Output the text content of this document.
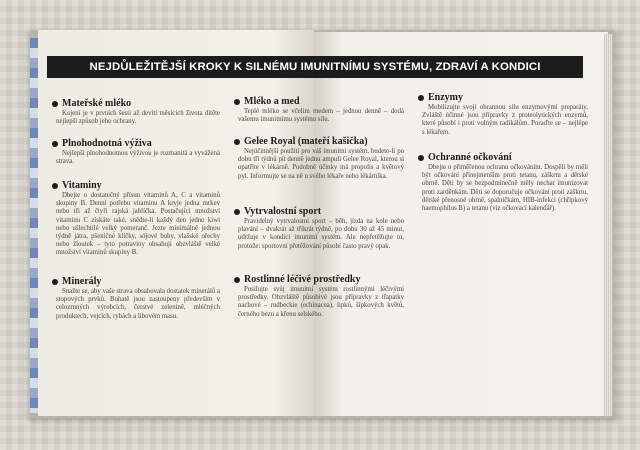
NEJDŮLEŽITĚJŠÍ KROKY K SILNÉMU IMUNITNÍMU SYSTÉMU, ZDRAVÍ A KONDICI
Mateřské mléko
Kojení je v prvních šesti až devíti měsících života dítěte nejlepší způsob jeho ochrany.
Plnohodnotná výživa
Nejlepší plnohodnotnou výživou je rozmanitá a vyvážená strava.
Vitaminy
Dbejte o dostatečný přísun vitaminů A, C a vitaminů skupiny B. Denní potřebu vitaminu A kryje jedna mrkev nebo tři až čtyři rajská jablíčka. Postačující množství vitaminu C získáte také, snědte-li každý den jedno kiwi nebo ušlechtilé velký pomeranč. Jezte minimálně jednou týdně játra, pšeničné klíčky, sójové boby, vlašské ořechy nebo žloutek – tyto potraviny obsahují obzvláště velké množství vitaminů skupiny B.
Minerály
Snažte se, aby vaše strava obsahovala dostatek minerálů a stopových prvků. Bohatě jsou zastoupeny především v celozrnných výrobcích, čerstvé zelenině, mléčných produktech, vejcích, rybách a libovém masu.
Mléko a med
Teplé mléko se včelím medem – jednou denně – dodá vašemu imunitnímu systému sílu.
Gelee Royal (mateří kašička)
Nejúčinnější použití pro váš imunitní systém, budete-li po dobu tří týdnů pít denně jednu ampuli Gelee Royal, kterou si opatříte v lékárně. Podobně účinky má propolis a květový pyl. Informujte se na ně u svého lékaře nebo lékárníka.
Vytrvalostní sport
Pravidelný vytrvalostní sport – běh, jízda na kole nebo plavání – dvakrát až třikrát týdně, po dobu 30 až 45 minut, udržuje v kondici imunitní systém. Ale nepřetěžujte to, protože: sportovní přetěžování působí často pravý opak.
Rostlinné léčivé prostředky
Posilujte svůj imunitní systém rostlinnými léčivými prostředky. Obzvláště působivé jsou přípravky z třapatky nachové – rudbeckie (echinacea), lipků, šípkových květů, černého bezu a křenu selského.
Enzymy
Mobilizujte svoji obrannou sílu enzymovými preparáty. Zvláště účinné jsou přípravky z proteolytických enzymů, které působí i proti volným radikálům. Poraďte se – nejlépe s lékařem.
Ochranné očkování
Dbejte o přiměřenou ochranu očkováním. Dospělí by měli být očkování přinejmenším proti tetanu, záškrtu a dětské obrně. Děti by se bezpodmínečně měly nechat imunizovat proti zarděnkám. Děti se doporučuje očkování proti záškrtu, dětské přenosné obrně, spalničkám, HIB-infekci (chřipkový haemophilus B) a tetanu (viz očkovací kalendář).
